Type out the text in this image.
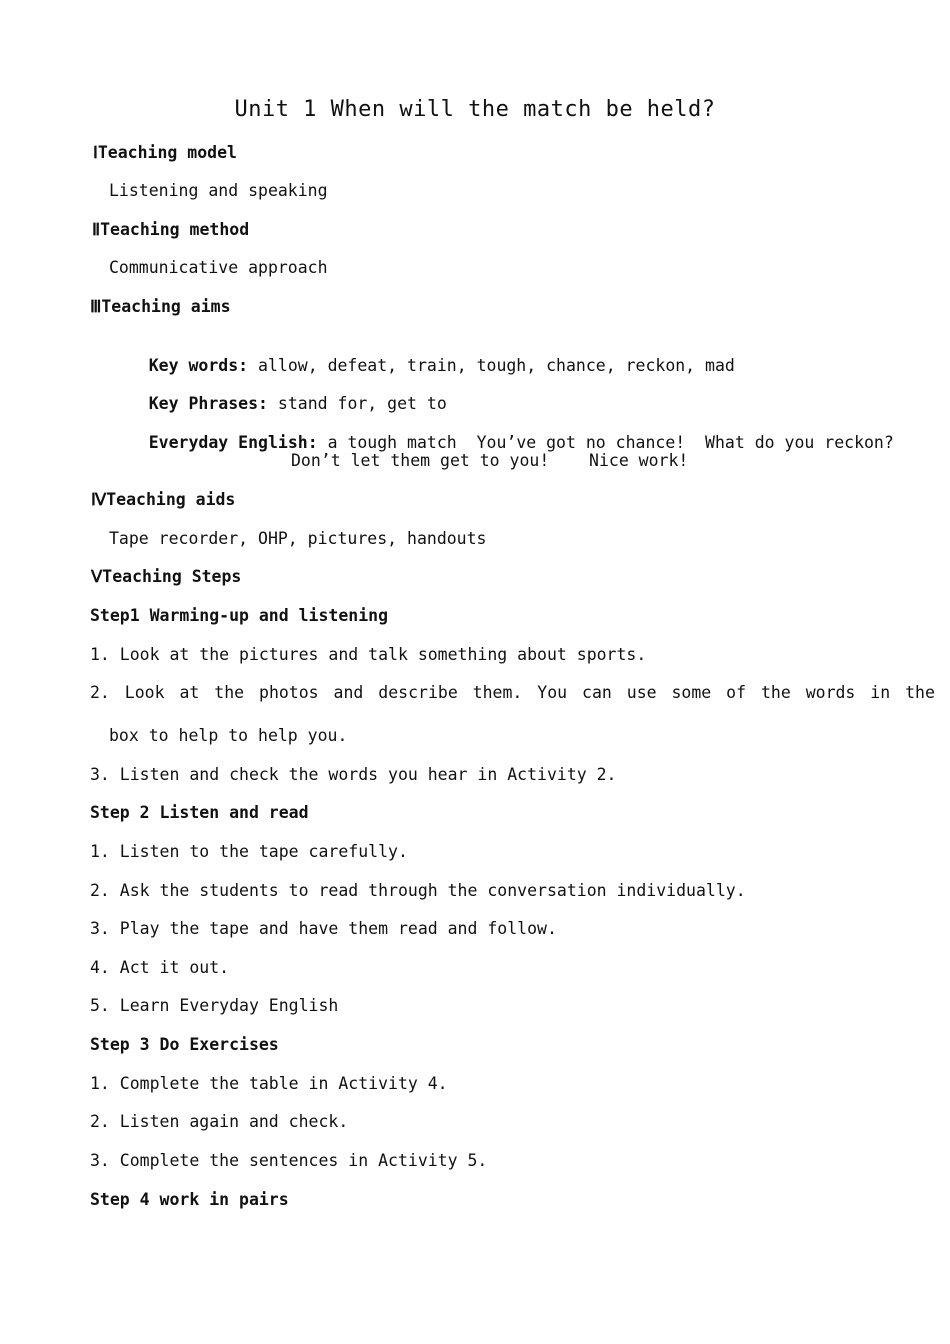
Unit 1 When will the match be held?
ⅠTeaching model
Listening and speaking
ⅡTeaching method
Communicative approach
ⅢTeaching aims

Key words: allow, defeat, train, tough, chance, reckon, mad

Key Phrases: stand for, get to

Everyday English: a tough match  You’ve got no chance!  What do you reckon?

Don’t let them get to you!    Nice work!
ⅣTeaching aids
Tape recorder, OHP, pictures, handouts
ⅤTeaching Steps
Step1 Warming-up and listening
1. Look at the pictures and talk something about sports.
2. Look at the photos and describe them. You can use some of the words in the
box to help to help you.
3. Listen and check the words you hear in Activity 2.
Step 2 Listen and read
1. Listen to the tape carefully.
2. Ask the students to read through the conversation individually.
3. Play the tape and have them read and follow.
4. Act it out.
5. Learn Everyday English
Step 3 Do Exercises
1. Complete the table in Activity 4.
2. Listen again and check.
3. Complete the sentences in Activity 5.
Step 4 work in pairs
